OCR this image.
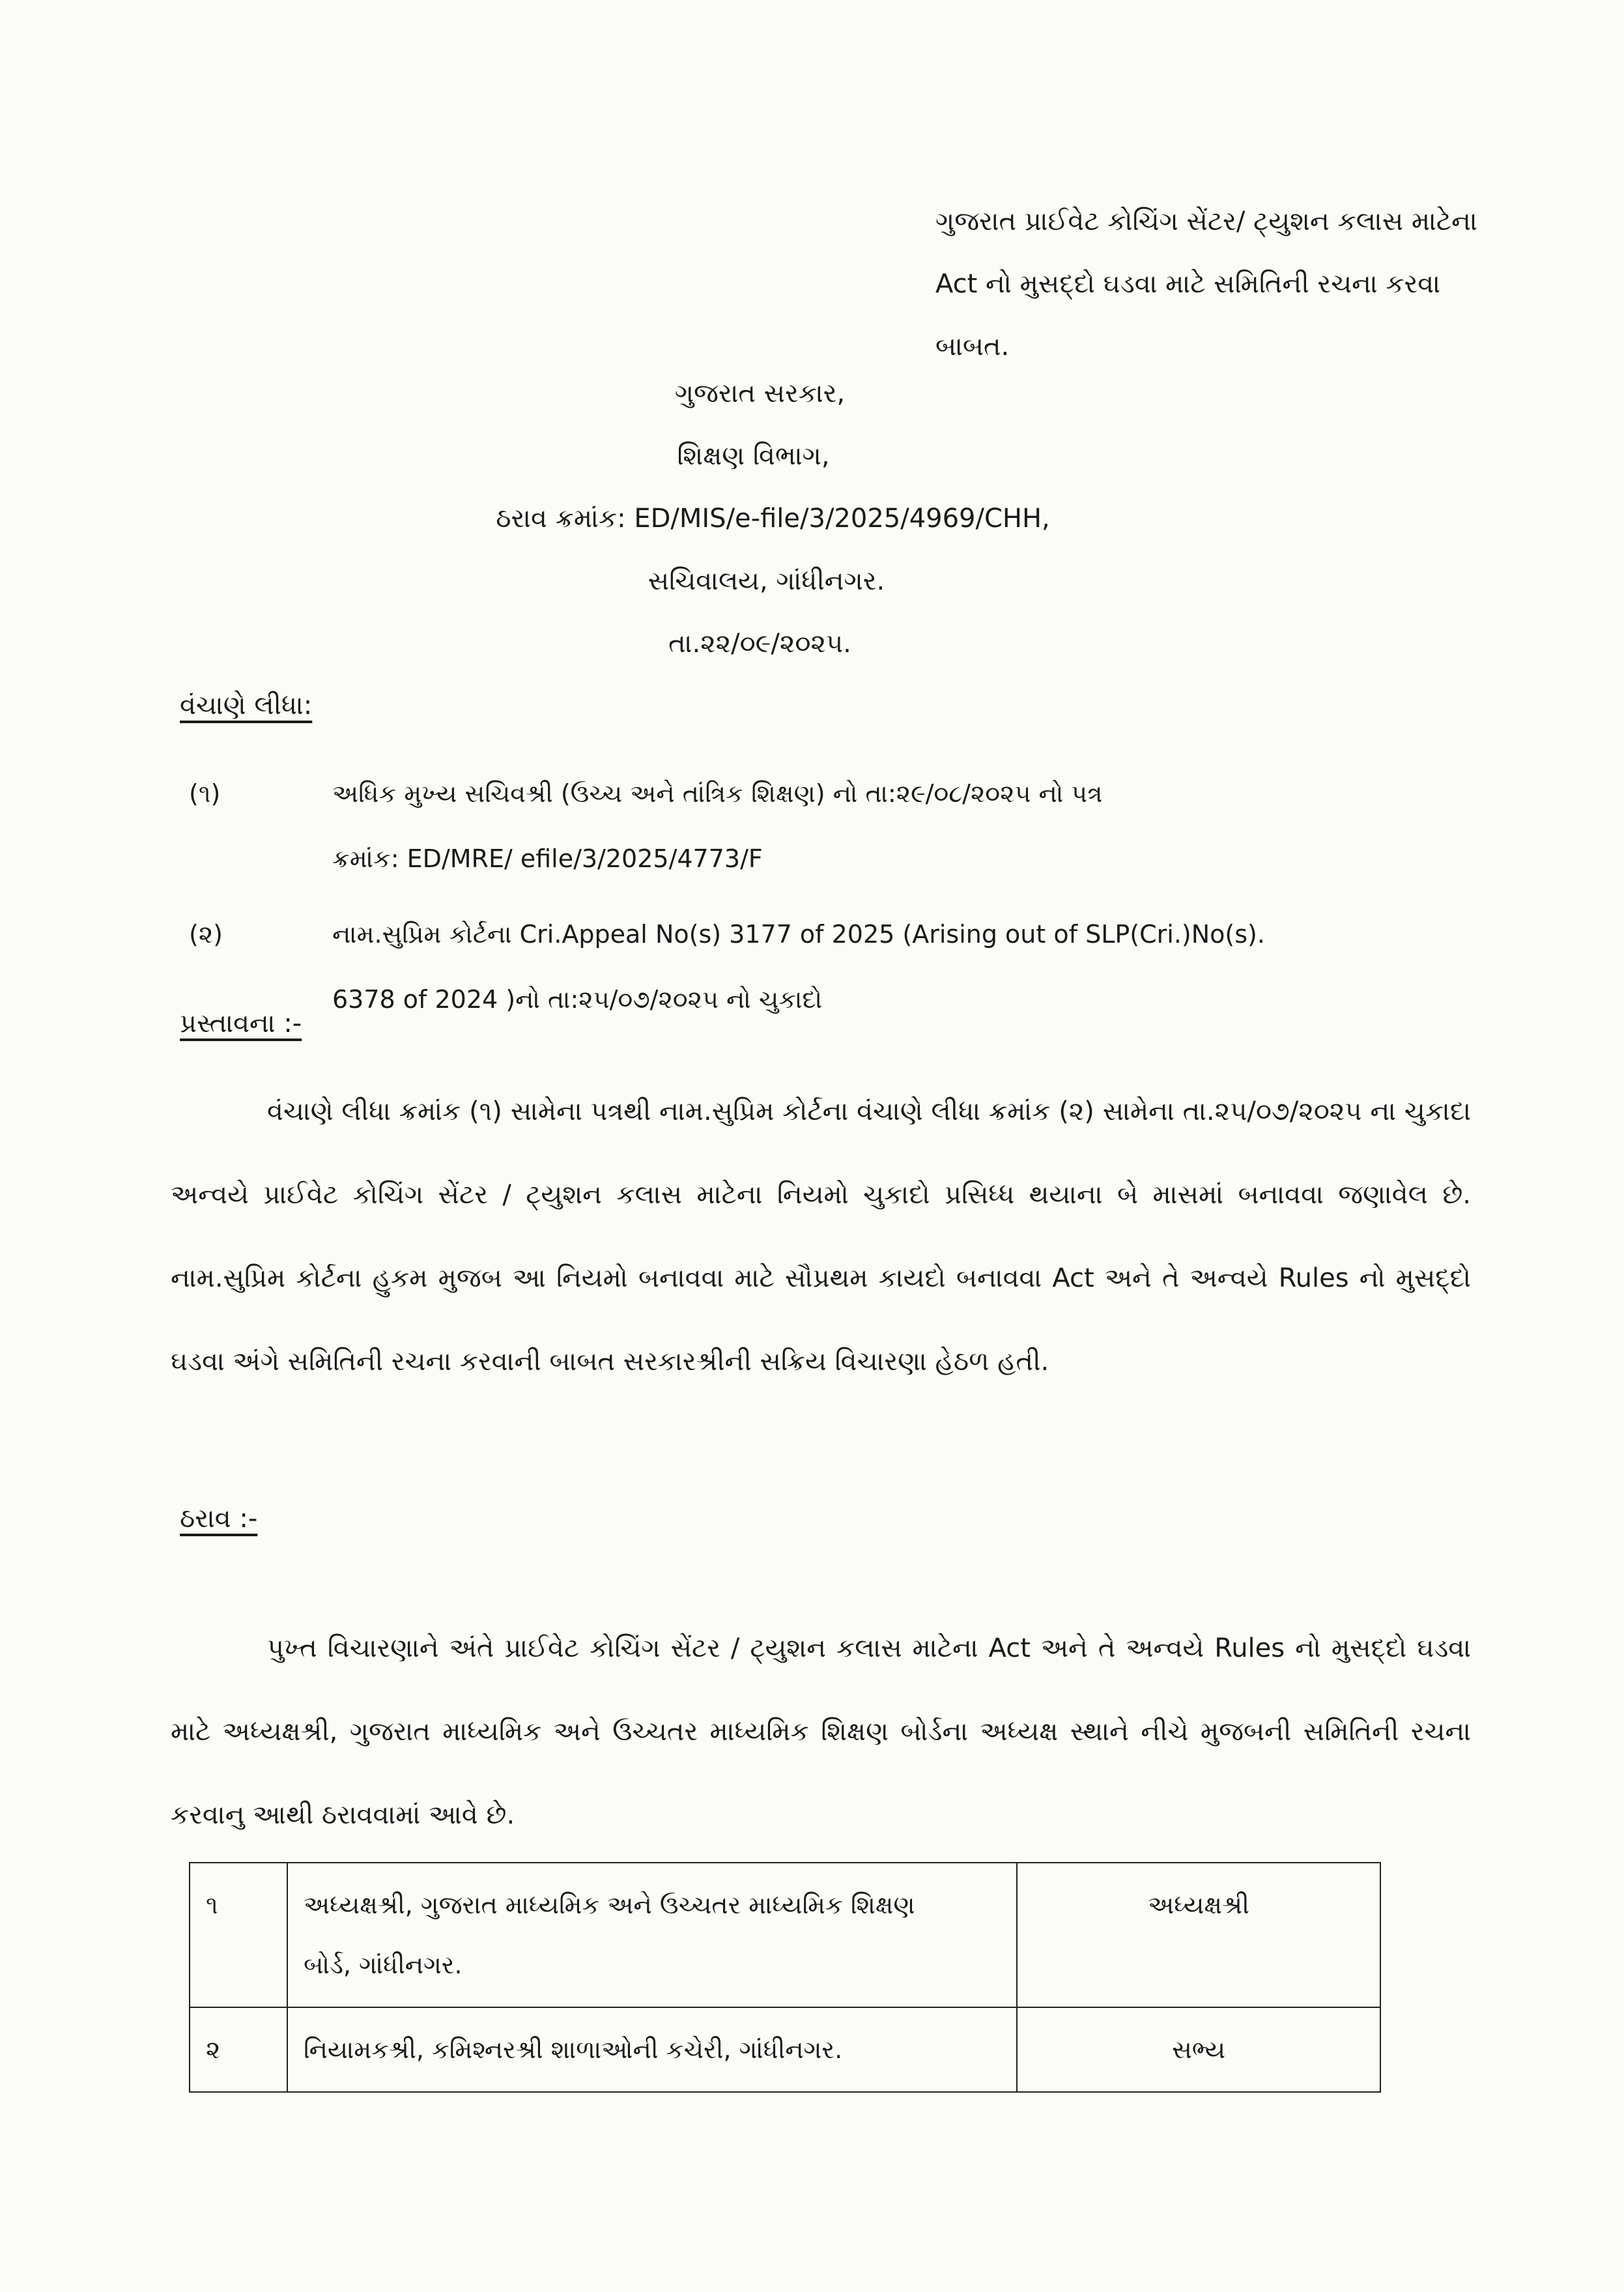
ગુજરાત પ્રાઈવેટ કોચિંગ સેંટર/ ટ્યુશન કલાસ માટેના
Act નો મુસદ્દો ઘડવા માટે સમિતિની રચના કરવા
બાબત.
ગુજરાત સરકાર,
શિક્ષણ વિભાગ,
ઠરાવ ક્રમાંક: ED/MIS/e-file/3/2025/4969/CHH,
સચિવાલય, ગાંધીનગર.
તા.૨૨/૦૯/૨૦૨૫.
વંચાણે લીધા:
(૧)	અધિક મુખ્ય સચિવશ્રી (ઉચ્ચ અને તાંત્રિક શિક્ષણ) નો તા:૨૯/૦૮/૨૦૨૫ નો પત્ર
ક્રમાંક: ED/MRE/ efile/3/2025/4773/F
(૨)	નામ.સુપ્રિમ કોર્ટના Cri.Appeal No(s) 3177 of 2025 (Arising out of SLP(Cri.)No(s).
6378 of 2024 )નો તા:૨૫/૦૭/૨૦૨૫ નો ચુકાદો
પ્રસ્તાવના :-
વંચાણે લીધા ક્રમાંક (૧) સામેના પત્રથી નામ.સુપ્રિમ કોર્ટના વંચાણે લીધા ક્રમાંક (૨) સામેના તા.૨૫/૦૭/૨૦૨૫ ના ચુકાદા અન્વયે પ્રાઈવેટ કોચિંગ સેંટર / ટ્યુશન કલાસ માટેના નિયમો ચુકાદો પ્રસિધ્ધ થયાના બે માસમાં બનાવવા જણાવેલ છે. નામ.સુપ્રિમ કોર્ટના હુકમ મુજબ આ નિયમો બનાવવા માટે સૌપ્રથમ કાયદો બનાવવા Act અને તે અન્વયે Rules નો મુસદ્દો ઘડવા અંગે સમિતિની રચના કરવાની બાબત સરકારશ્રીની સક્રિય વિચારણા હેઠળ હતી.
ઠરાવ :-
પુખ્ત વિચારણાને અંતે પ્રાઈવેટ કોચિંગ સેંટર / ટ્યુશન કલાસ માટેના Act અને તે અન્વયે Rules નો મુસદ્દો ઘડવા માટે અધ્યક્ષશ્રી, ગુજરાત માધ્યમિક અને ઉચ્ચતર માધ્યમિક શિક્ષણ બોર્ડના અધ્યક્ષ સ્થાને નીચે મુજબની સમિતિની રચના કરવાનુ આથી ઠરાવવામાં આવે છે.
૧	અધ્યક્ષશ્રી, ગુજરાત માધ્યમિક અને ઉચ્ચતર માધ્યમિક શિક્ષણ
બોર્ડ, ગાંધીનગર.	અધ્યક્ષશ્રી
૨	નિયામકશ્રી, કમિશ્નરશ્રી શાળાઓની કચેરી, ગાંધીનગર.	સભ્ય
